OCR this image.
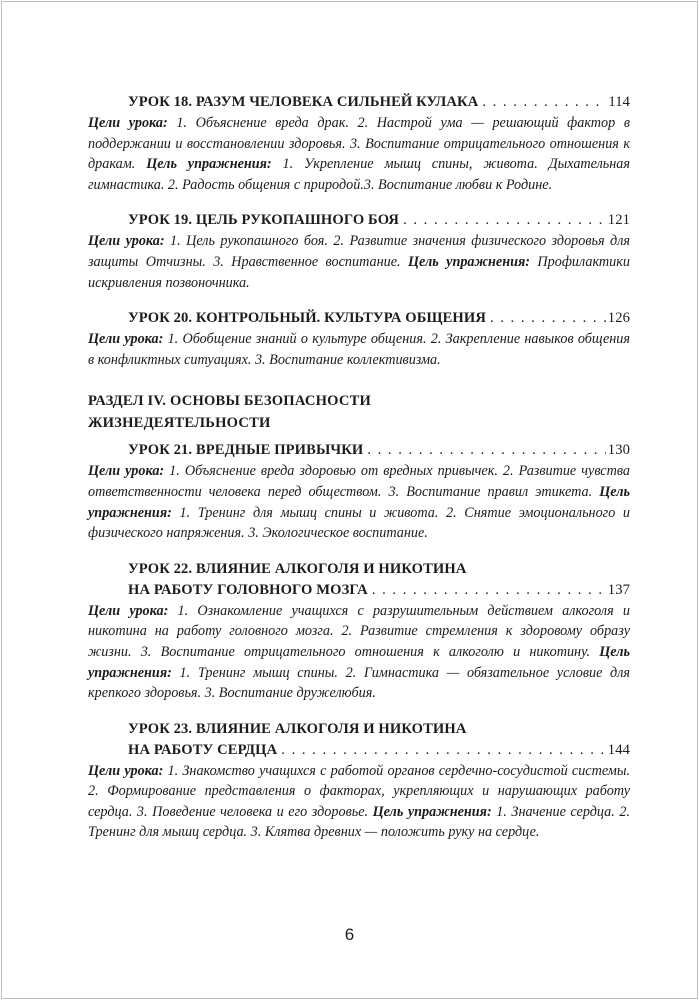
УРОК 18. РАЗУМ ЧЕЛОВЕКА СИЛЬНЕЙ КУЛАКА . . .	114

Цели урока: 1. Объяснение вреда драк. 2. Настрой ума — решающий фактор в поддержании и восстановлении здоровья. 3. Воспитание отрицательного отношения к дракам. Цель упражнения: 1. Укрепление мышц спины, живота. Дыхательная гимнастика. 2. Радость общения с природой.3. Воспитание любви к Родине.

УРОК 19. ЦЕЛЬ РУКОПАШНОГО БОЯ . . .	121

Цели урока: 1. Цель рукопашного боя. 2. Развитие значения физического здоровья для защиты Отчизны. 3. Нравственное воспитание. Цель упражнения: Профилактики искривления позвоночника.

УРОК 20. КОНТРОЛЬНЫЙ. КУЛЬТУРА ОБЩЕНИЯ . . .	126

Цели урока: 1. Обобщение знаний о культуре общения. 2. Закрепление навыков общения в конфликтных ситуациях. 3. Воспитание коллективизма.

РАЗДЕЛ IV. ОСНОВЫ БЕЗОПАСНОСТИ
ЖИЗНЕДЕЯТЕЛЬНОСТИ
УРОК 21. ВРЕДНЫЕ ПРИВЫЧКИ . . .	130

Цели урока: 1. Объяснение вреда здоровью от вредных привычек. 2. Развитие чувства ответственности человека перед обществом. 3. Воспитание правил этикета. Цель упражнения: 1. Тренинг для мышц спины и живота. 2. Снятие эмоционального и физического напряжения. 3. Экологическое воспитание.

УРОК 22. ВЛИЯНИЕ АЛКОГОЛЯ И НИКОТИНА
НА РАБОТУ ГОЛОВНОГО МОЗГА . . .	137

Цели урока: 1. Ознакомление учащихся с разрушительным действием алкоголя и никотина на работу головного мозга. 2. Развитие стремления к здоровому образу жизни. 3. Воспитание отрицательного отношения к алкоголю и никотину. Цель упражнения: 1. Тренинг мышц спины. 2. Гимнастика — обязательное условие для крепкого здоровья. 3. Воспитание дружелюбия.

УРОК 23. ВЛИЯНИЕ АЛКОГОЛЯ И НИКОТИНА
НА РАБОТУ СЕРДЦА . . .	144

Цели урока: 1. Знакомство учащихся с работой органов сердечно-сосудистой системы. 2. Формирование представления о факторах, укрепляющих и нарушающих работу сердца. 3. Поведение человека и его здоровье. Цель упражнения: 1. Значение сердца. 2. Тренинг для мышц сердца. 3. Клятва древних — положить руку на сердце.

6
